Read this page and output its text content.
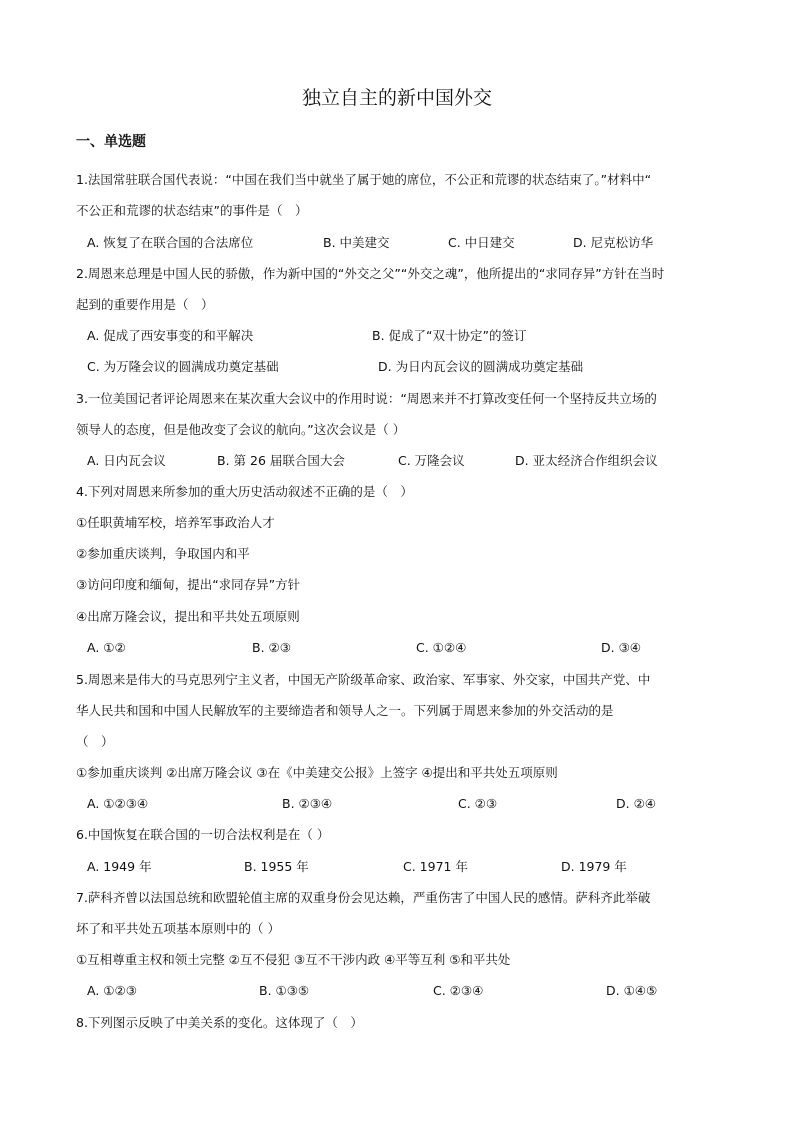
独立自主的新中国外交
一、单选题
1.法国常驻联合国代表说：“中国在我们当中就坐了属于她的席位，不公正和荒谬的状态结束了。”材料中“
不公正和荒谬的状态结束”的事件是（　）
A. 恢复了在联合国的合法席位	B. 中美建交	C. 中日建交	D. 尼克松访华
2.周恩来总理是中国人民的骄傲，作为新中国的“外交之父”“外交之魂”，他所提出的“求同存异”方针在当时
起到的重要作用是（　）
A. 促成了西安事变的和平解决	B. 促成了“双十协定”的签订
C. 为万隆会议的圆满成功奠定基础	D. 为日内瓦会议的圆满成功奠定基础
3.一位美国记者评论周恩来在某次重大会议中的作用时说：“周恩来并不打算改变任何一个坚持反共立场的
领导人的态度，但是他改变了会议的航向。”这次会议是（ ）
A. 日内瓦会议	B. 第 26 届联合国大会	C. 万隆会议	D. 亚太经济合作组织会议
4.下列对周恩来所参加的重大历史活动叙述不正确的是（　）
①任职黄埔军校，培养军事政治人才
②参加重庆谈判，争取国内和平
③访问印度和缅甸，提出“求同存异”方针
④出席万隆会议，提出和平共处五项原则
A. ①②	B. ②③	C. ①②④	D. ③④
5.周恩来是伟大的马克思列宁主义者，中国无产阶级革命家、政治家、军事家、外交家，中国共产党、中
华人民共和国和中国人民解放军的主要缔造者和领导人之一。下列属于周恩来参加的外交活动的是
（　）
①参加重庆谈判 ②出席万隆会议 ③在《中美建交公报》上签字 ④提出和平共处五项原则
A. ①②③④	B. ②③④	C. ②③	D. ②④
6.中国恢复在联合国的一切合法权利是在（ ）
A. 1949 年	B. 1955 年	C. 1971 年	D. 1979 年
7.萨科齐曾以法国总统和欧盟轮值主席的双重身份会见达赖，严重伤害了中国人民的感情。萨科齐此举破
坏了和平共处五项基本原则中的（ ）
①互相尊重主权和领土完整 ②互不侵犯 ③互不干涉内政 ④平等互利 ⑤和平共处
A. ①②③	B. ①③⑤	C. ②③④	D. ①④⑤
8.下列图示反映了中美关系的变化。这体现了（　）
